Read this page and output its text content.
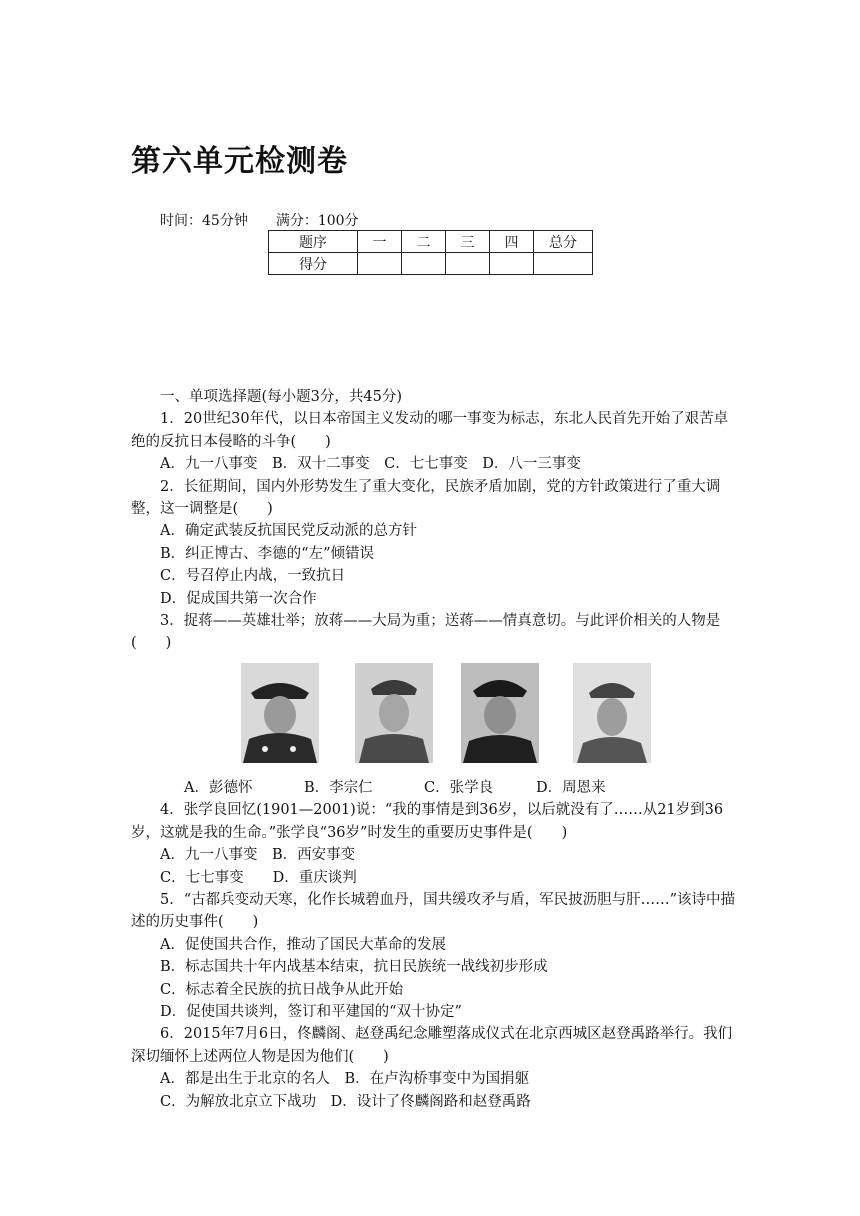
第六单元检测卷
时间：45分钟 满分：100分
题序	一	二	三	四	总分
得分					

一、单项选择题(每小题3分，共45分)

1．20世纪30年代，以日本帝国主义发动的哪一事变为标志，东北人民首先开始了艰苦卓绝的反抗日本侵略的斗争(　　)

A．九一八事变　B．双十二事变　C．七七事变　D．八一三事变

2．长征期间，国内外形势发生了重大变化，民族矛盾加剧，党的方针政策进行了重大调整，这一调整是(　　)

A．确定武装反抗国民党反动派的总方针

B．纠正博古、李德的“左”倾错误

C．号召停止内战，一致抗日

D．促成国共第一次合作

3．捉蒋——英雄壮举；放蒋——大局为重；送蒋——情真意切。与此评价相关的人物是(　　)

A．彭德怀	B．李宗仁	C．张学良	D．周恩来

4．张学良回忆(1901—2001)说：“我的事情是到36岁，以后就没有了……从21岁到36岁，这就是我的生命。”张学良“36岁”时发生的重要历史事件是(　　)

A．九一八事变　B．西安事变

C．七七事变　　D．重庆谈判

5．“古都兵变动天寒，化作长城碧血丹，国共缓攻矛与盾，军民披沥胆与肝……”该诗中描述的历史事件(　　)

A．促使国共合作，推动了国民大革命的发展

B．标志国共十年内战基本结束，抗日民族统一战线初步形成

C．标志着全民族的抗日战争从此开始

D．促使国共谈判，签订和平建国的“双十协定”

6．2015年7月6日，佟麟阁、赵登禹纪念雕塑落成仪式在北京西城区赵登禹路举行。我们深切缅怀上述两位人物是因为他们(　　)

A．都是出生于北京的名人　B．在卢沟桥事变中为国捐躯

C．为解放北京立下战功　D．设计了佟麟阁路和赵登禹路
